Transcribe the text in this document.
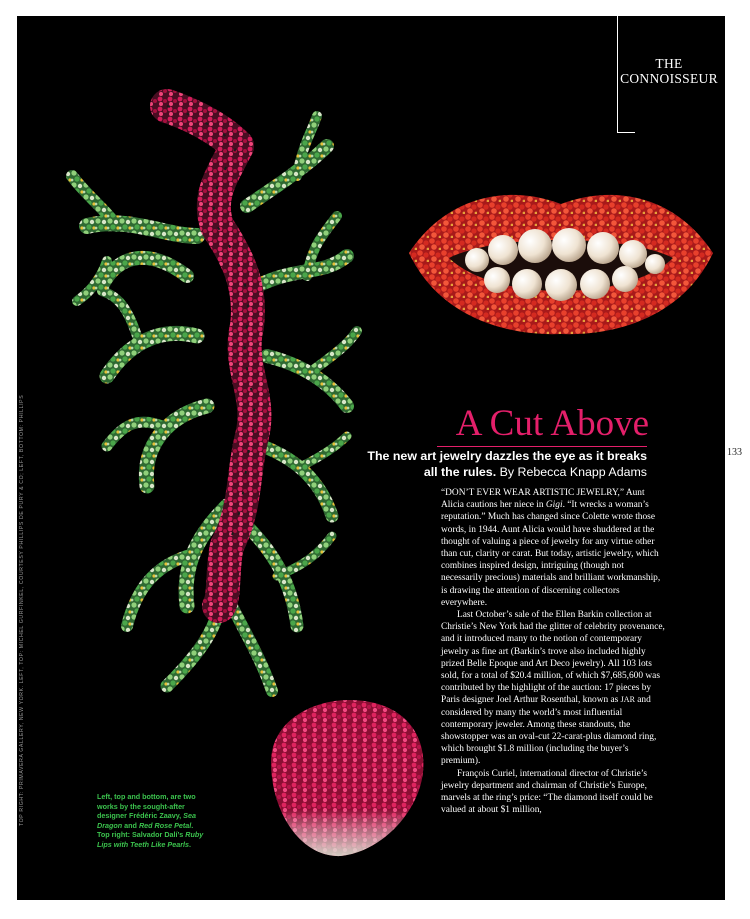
THE
CONNOISSEUR
TOP RIGHT: PRIMAVERA GALLERY, NEW YORK. LEFT, TOP: MICHEL GURFINKEL, COURTESY PHILLIPS DE PURY & CO; LEFT, BOTTOM: PHILLIPS	A Cut Above

The new art jewelry dazzles the eye as it breaks all the rules. By Rebecca Knapp Adams

“DON’T EVER WEAR ARTISTIC JEWELRY,” Aunt Alicia cautions her niece in Gigi. “It wrecks a woman’s reputation.” Much has changed since Colette wrote those words, in 1944. Aunt Alicia would have shuddered at the thought of valuing a piece of jewelry for any virtue other than cut, clarity or carat. But today, artistic jewelry, which combines inspired design, intriguing (though not necessarily precious) materials and brilliant workmanship, is drawing the attention of discerning collectors everywhere.

Last October’s sale of the Ellen Barkin collection at Christie’s New York had the glitter of celebrity provenance, and it introduced many to the notion of contemporary jewelry as fine art (Barkin’s trove also included highly prized Belle Epoque and Art Deco jewelry). All 103 lots sold, for a total of $20.4 million, of which $7,685,600 was contributed by the highlight of the auction: 17 pieces by Paris designer Joel Arthur Rosenthal, known as JAR and considered by many the world’s most influential contemporary jeweler. Among these standouts, the showstopper was an oval-cut 22-carat-plus diamond ring, which brought $1.8 million (including the buyer’s premium).

François Curiel, international director of Christie’s jewelry department and chairman of Christie’s Europe, marvels at the ring’s price: “The diamond itself could be valued at about $1 million,

Left, top and bottom, are two works by the sought-after designer Frédéric Zaavy, Sea Dragon and Red Rose Petal. Top right: Salvador Dalí’s Ruby Lips with Teeth Like Pearls.
133
